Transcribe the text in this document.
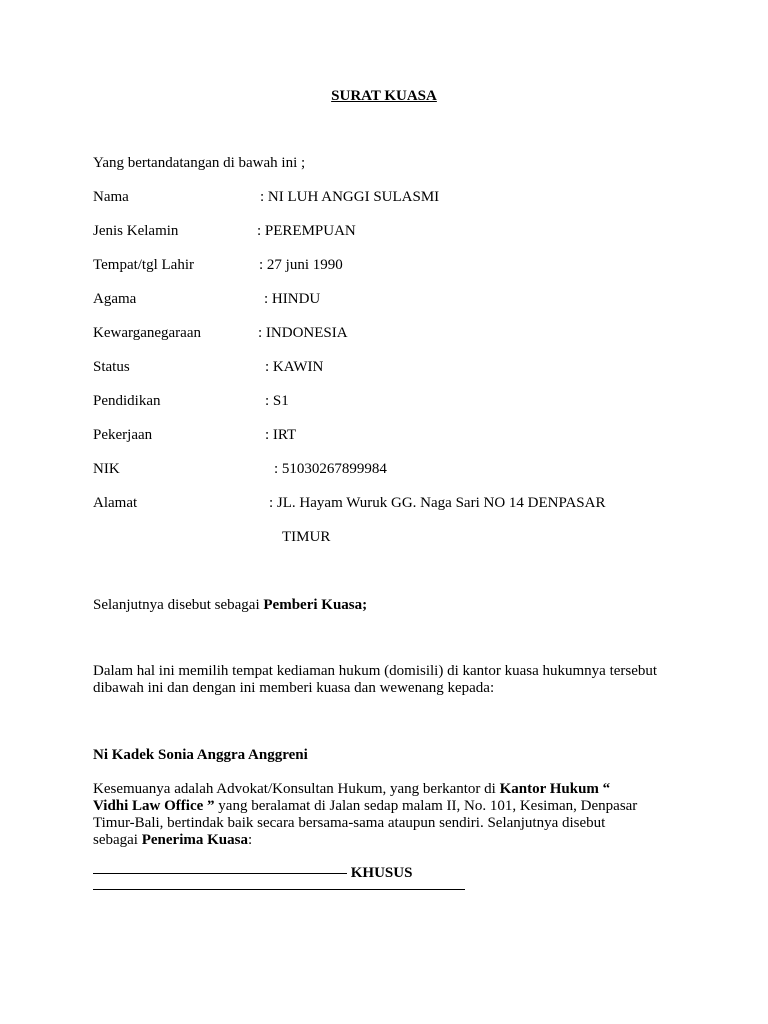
SURAT KUASA
Yang bertandatangan di bawah ini ;
Nama	: NI LUH ANGGI SULASMI
Jenis Kelamin	: PEREMPUAN
Tempat/tgl Lahir	: 27 juni 1990
Agama	: HINDU
Kewarganegaraan	: INDONESIA
Status	: KAWIN
Pendidikan	: S1
Pekerjaan	: IRT
NIK	: 51030267899984
Alamat	: JL. Hayam Wuruk GG. Naga Sari NO 14 DENPASAR
TIMUR
Selanjutnya disebut sebagai Pemberi Kuasa;
Dalam hal ini memilih tempat kediaman hukum (domisili) di kantor kuasa hukumnya tersebut
dibawah ini dan dengan ini memberi kuasa dan wewenang kepada:
Ni Kadek Sonia Anggra Anggreni
Kesemuanya adalah Advokat/Konsultan Hukum, yang berkantor di Kantor Hukum “
Vidhi Law Office ” yang beralamat di Jalan sedap malam II, No. 101, Kesiman, Denpasar
Timur-Bali, bertindak baik secara bersama-sama ataupun sendiri. Selanjutnya disebut
sebagai Penerima Kuasa:
KHUSUS
